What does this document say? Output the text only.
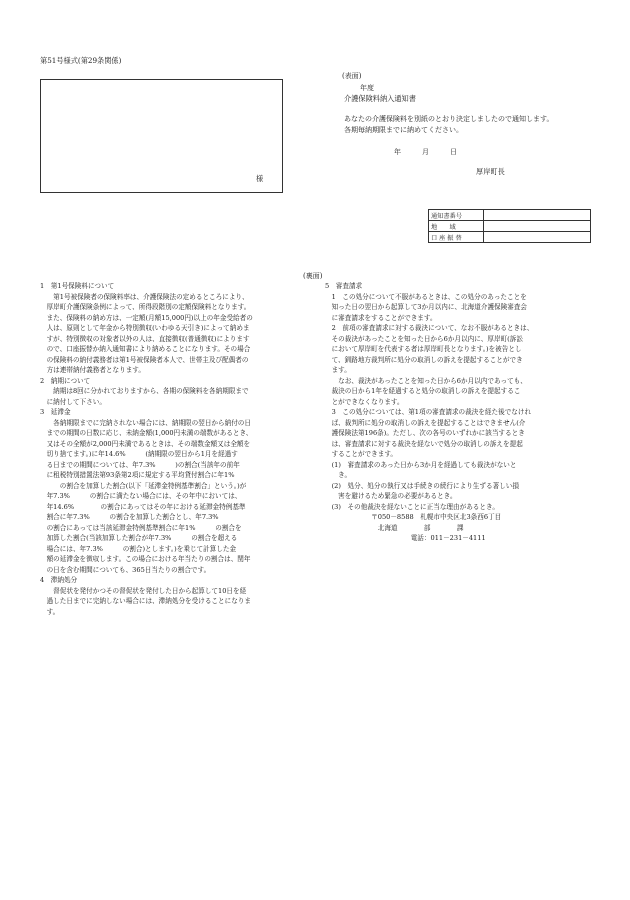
第51号様式(第29条関係)
様
(表面)
年度
介護保険料納入通知書
あなたの介護保険料を別紙のとおり決定しましたので通知します。
各期毎納期限までに納めてください。
年	月	日
厚岸町長
通知書番号	
地　　域	
口 座 振 替	
(裏面)

1　第1号保険料について

　　第1号被保険者の保険料率は、介護保険法の定めるところにより、

　厚岸町介護保険条例によって、所得段階別の定額保険料となります。

　また、保険料の納め方は、一定額(月額15,000円)以上の年金受給者の

　人は、原則として年金から特別徴収(いわゆる天引き)によって納めま

　すが、特別徴収の対象者以外の人は、直接徴収(普通徴収)によります

　ので、口座振替か納入通知書により納めることになります。その場合

　の保険料の納付義務者は第1号被保険者本人で、世帯主及び配偶者の

　方は連帯納付義務者となります。

2　納期について

　　納期は8回に分かれておりますから、各期の保険料を各納期限まで

　に納付して下さい。

3　延滞金

　　各納期限までに完納されない場合には、納期限の翌日から納付の日

　までの期間の日数に応じ、未納金額(1,000円未満の端数があるとき、

　又はその全額が2,000円未満であるときは、その端数金額又は全額を

　切り捨てます。)に年14.6%　　　(納期限の翌日から1月を経過す

　る日までの期間については、年7.3%　　　)の割合(当該年の前年

　に租税特別措置法第93条第2項に規定する平均貸付割合に年1%

　　　の割合を加算した割合(以下「延滞金特例基準割合」という。)が

　年7.3%　　　の割合に満たない場合には、その年中においては、

　年14.6%　　　　の割合にあってはその年における延滞金特例基準

　割合に年7.3%　　　の割合を加算した割合とし、年7.3%

　の割合にあっては当該延滞金特例基準割合に年1%　　　の割合を

　加算した割合(当該加算した割合が年7.3%　　　の割合を超える

　場合には、年7.3%　　　の割合)とします。)を乗じて計算した金

　額の延滞金を徴収します。この場合における年当たりの割合は、閏年

　の日を含む期間についても、365日当たりの割合です。

4　滞納処分

　　督促状を発付かつその督促状を発付した日から起算して10日を経

　過した日までに完納しない場合には、滞納処分を受けることになりま

　す。

5　審査請求

　1　この処分について不服があるときは、この処分のあったことを

　知った日の翌日から起算して3か月以内に、北海道介護保険審査会

　に審査請求をすることができます。

　2　前項の審査請求に対する裁決について、なお不服があるときは、

　その裁決があったことを知った日から6か月以内に、厚岸町(訴訟

　において厚岸町を代表する者は厚岸町長となります。)を被告とし

　て、釧路地方裁判所に処分の取消しの訴えを提起することができ

　ます。

　　なお、裁決があったことを知った日から6か月以内であっても、

　裁決の日から1年を経過すると処分の取消しの訴えを提起するこ

　とができなくなります。

　3　この処分については、第1項の審査請求の裁決を経た後でなけれ

　ば、裁判所に処分の取消しの訴えを提起することはできません(介

　護保険法第196条)。ただし、次の各号のいずれかに該当するとき

　は、審査請求に対する裁決を経ないで処分の取消しの訴えを提起

　することができます。

　(1)　審査請求のあった日から3か月を経過しても裁決がないと

　　き。

　(2)　処分、処分の執行又は手続きの続行により生ずる著しい損

　　害を避けるため緊急の必要があるとき。

　(3)　その他裁決を経ないことに正当な理由があるとき。

　　　　　　　〒050－8588　札幌市中央区北3条西6丁目

　　　　　　　　北海道　　　　部　　　　課

　　　　　　　　　　　　　電話：011－231－4111
